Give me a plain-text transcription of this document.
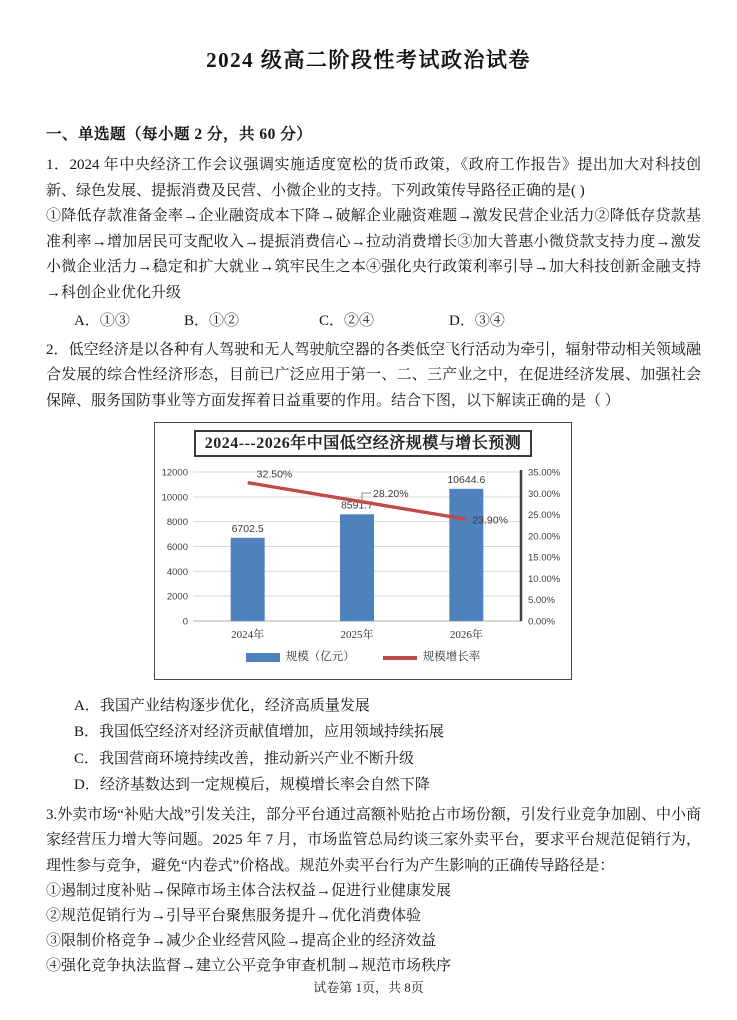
2024 级高二阶段性考试政治试卷
一、单选题（每小题 2 分，共 60 分）

1．2024 年中央经济工作会议强调实施适度宽松的货币政策，《政府工作报告》提出加大对科技创新、绿色发展、提振消费及民营、小微企业的支持。下列政策传导路径正确的是( )

①降低存款准备金率→企业融资成本下降→破解企业融资难题→激发民营企业活力②降低存贷款基准利率→增加居民可支配收入→提振消费信心→拉动消费增长③加大普惠小微贷款支持力度→激发小微企业活力→稳定和扩大就业→筑牢民生之本④强化央行政策利率引导→加大科技创新金融支持→科创企业优化升级

A．①③	B．①②	C．②④	D．③④

2．低空经济是以各种有人驾驶和无人驾驶航空器的各类低空飞行活动为牵引，辐射带动相关领域融合发展的综合性经济形态，目前已广泛应用于第一、二、三产业之中，在促进经济发展、加强社会保障、服务国防事业等方面发挥着日益重要的作用。结合下图，以下解读正确的是（ ）

2024---2026年中国低空经济规模与增长预测
0
2000
4000
6000
8000
10000
12000
0.00%
5.00%
10.00%
15.00%
20.00%
25.00%
30.00%
35.00%
6702.5
2024年
8591.7
2025年
10644.6
2026年
32.50%
28.20%
23.90%
规模（亿元）	规模增长率
A．我国产业结构逐步优化，经济高质量发展
B．我国低空经济对经济贡献值增加，应用领域持续拓展
C．我国营商环境持续改善，推动新兴产业不断升级
D．经济基数达到一定规模后，规模增长率会自然下降

3.外卖市场“补贴大战”引发关注，部分平台通过高额补贴抢占市场份额，引发行业竞争加剧、中小商家经营压力增大等问题。2025 年 7 月，市场监管总局约谈三家外卖平台，要求平台规范促销行为，理性参与竞争，避免“内卷式”价格战。规范外卖平台行为产生影响的正确传导路径是：

①遏制过度补贴→保障市场主体合法权益→促进行业健康发展
②规范促销行为→引导平台聚焦服务提升→优化消费体验
③限制价格竞争→减少企业经营风险→提高企业的经济效益
④强化竞争执法监督→建立公平竞争审查机制→规范市场秩序
试卷第 1页，共 8页
